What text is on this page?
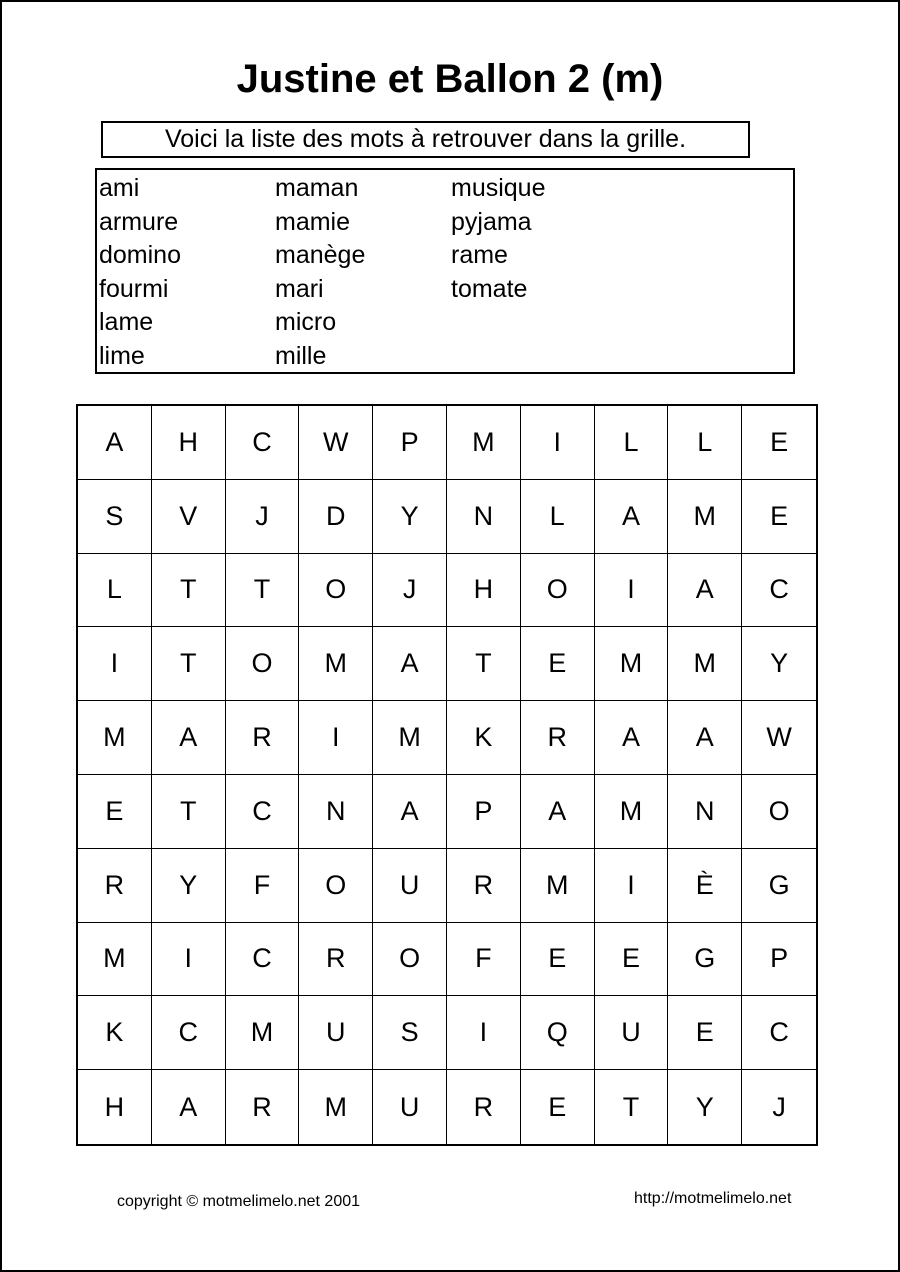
Justine et Ballon 2 (m)
Voici la liste des mots à retrouver dans la grille.
ami
armure
domino
fourmi
lame
lime
maman
mamie
manège
mari
micro
mille
musique
pyjama
rame
tomate
A	H	C	W	P	M	I	L	L	E
S	V	J	D	Y	N	L	A	M	E
L	T	T	O	J	H	O	I	A	C
I	T	O	M	A	T	E	M	M	Y
M	A	R	I	M	K	R	A	A	W
E	T	C	N	A	P	A	M	N	O
R	Y	F	O	U	R	M	I	È	G
M	I	C	R	O	F	E	E	G	P
K	C	M	U	S	I	Q	U	E	C
H	A	R	M	U	R	E	T	Y	J
copyright © motmelimelo.net 2001	http://motmelimelo.net
